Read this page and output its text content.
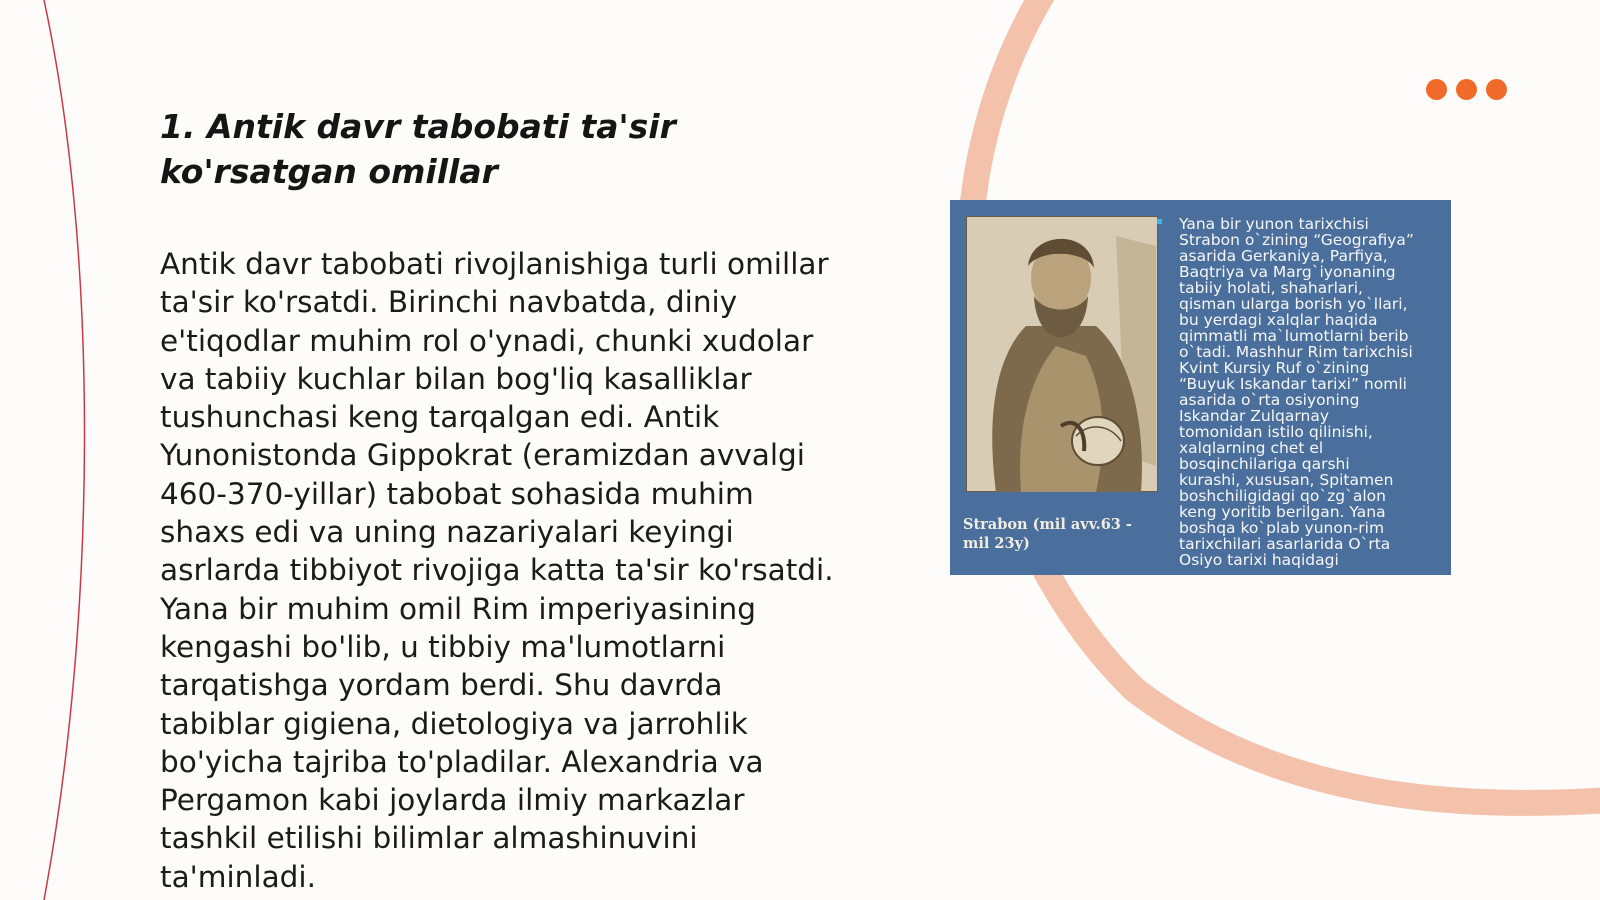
1. Antik davr tabobati ta'sir
ko'rsatgan omillar
Antik davr tabobati rivojlanishiga turli omillar
ta'sir ko'rsatdi. Birinchi navbatda, diniy
e'tiqodlar muhim rol o'ynadi, chunki xudolar
va tabiiy kuchlar bilan bog'liq kasalliklar
tushunchasi keng tarqalgan edi. Antik
Yunonistonda Gippokrat (eramizdan avvalgi
460-370-yillar) tabobat sohasida muhim
shaxs edi va uning nazariyalari keyingi
asrlarda tibbiyot rivojiga katta ta'sir ko'rsatdi.
Yana bir muhim omil Rim imperiyasining
kengashi bo'lib, u tibbiy ma'lumotlarni
tarqatishga yordam berdi. Shu davrda
tabiblar gigiena, dietologiya va jarrohlik
bo'yicha tajriba to'pladilar. Alexandria va
Pergamon kabi joylarda ilmiy markazlar
tashkil etilishi bilimlar almashinuvini
ta'minladi.
Strabon (mil avv.63 -
mil 23y)
Yana bir yunon tarixchisi
Strabon o`zining “Geografiya”
asarida Gerkaniya, Parfiya,
Baqtriya va Marg`iyonaning
tabiiy holati, shaharlari,
qisman ularga borish yo`llari,
bu yerdagi xalqlar haqida
qimmatli ma`lumotlarni berib
o`tadi. Mashhur Rim tarixchisi
Kvint Kursiy Ruf o`zining
“Buyuk Iskandar tarixi” nomli
asarida o`rta osiyoning
Iskandar Zulqarnay
tomonidan istilo qilinishi,
xalqlarning chet el
bosqinchilariga qarshi
kurashi, xususan, Spitamen
boshchiligidagi qo`zg`alon
keng yoritib berilgan. Yana
boshqa ko`plab yunon-rim
tarixchilari asarlarida O`rta
Osiyo tarixi haqidagi
